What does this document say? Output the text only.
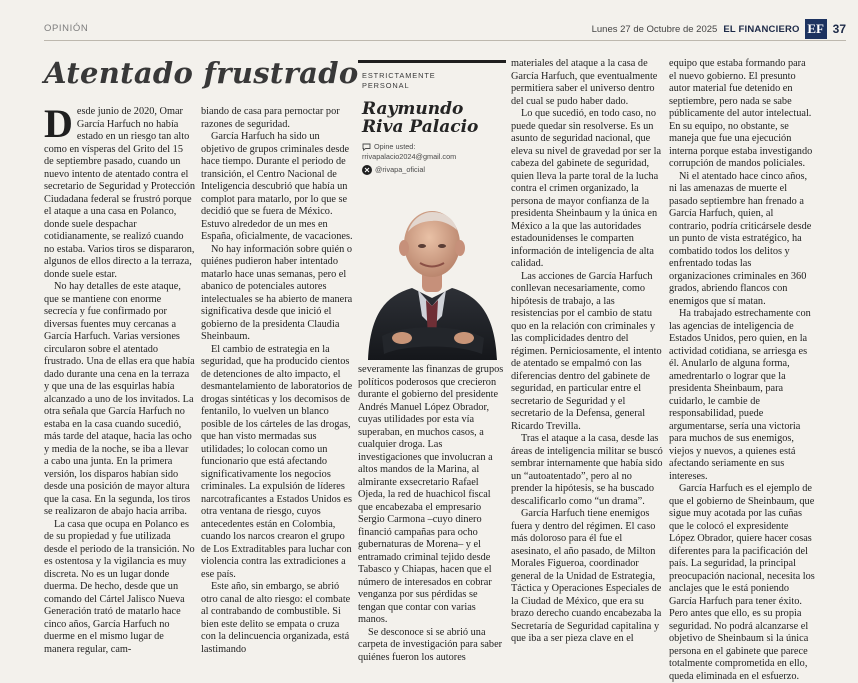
OPINIÓN	Lunes 27 de Octubre de 2025 EL FINANCIERO EF 37
Atentado frustrado

Desde junio de 2020, Omar García Harfuch no había estado en un riesgo tan alto como en vísperas del Grito del 15 de septiembre pasado, cuando un nuevo intento de atentado contra el secretario de Seguridad y Protección Ciudadana federal se frustró porque el ataque a una casa en Polanco, donde suele despachar cotidianamente, se realizó cuando no estaba. Varios tiros se dispararon, algunos de ellos directo a la terraza, donde suele estar.

No hay detalles de este ataque, que se mantiene con enorme secrecía y fue confirmado por diversas fuentes muy cercanas a García Harfuch. Varias versiones circularon sobre el atentado frustrado. Una de ellas era que había dado durante una cena en la terraza y que una de las esquirlas había alcanzado a uno de los invitados. La otra señala que García Harfuch no estaba en la casa cuando sucedió, más tarde del ataque, hacia las ocho y media de la noche, se iba a llevar a cabo una junta. En la primera versión, los disparos habían sido desde una posición de mayor altura que la casa. En la segunda, los tiros se realizaron de abajo hacia arriba.

La casa que ocupa en Polanco es de su propiedad y fue utilizada desde el periodo de la transición. No es ostentosa y la vigilancia es muy discreta. No es un lugar donde duerma. De hecho, desde que un comando del Cártel Jalisco Nueva Generación trató de matarlo hace cinco años, García Harfuch no duerme en el mismo lugar de manera regular, cam-

biando de casa para pernoctar por razones de seguridad.

García Harfuch ha sido un objetivo de grupos criminales desde hace tiempo. Durante el periodo de transición, el Centro Nacional de Inteligencia descubrió que había un complot para matarlo, por lo que se decidió que se fuera de México. Estuvo alrededor de un mes en España, oficialmente, de vacaciones.

No hay información sobre quién o quiénes pudieron haber intentado matarlo hace unas semanas, pero el abanico de potenciales autores intelectuales se ha abierto de manera significativa desde que inició el gobierno de la presidenta Claudia Sheinbaum.

El cambio de estrategia en la seguridad, que ha producido cientos de detenciones de alto impacto, el desmantelamiento de laboratorios de drogas sintéticas y los decomisos de fentanilo, lo vuelven un blanco posible de los cárteles de las drogas, que han visto mermadas sus utilidades; lo colocan como un funcionario que está afectando significativamente los negocios criminales. La expulsión de líderes narcotraficantes a Estados Unidos es otra ventana de riesgo, cuyos antecedentes están en Colombia, cuando los narcos crearon el grupo de Los Extraditables para luchar con violencia contra las extradiciones a ese país.

Este año, sin embargo, se abrió otro canal de alto riesgo: el combate al contrabando de combustible. Si bien este delito se empata o cruza con la delincuencia organizada, está lastimando

ESTRICTAMENTE
PERSONAL
Raymundo
Riva Palacio
Opine usted:
rrivapalacio2024@gmail.com
@rivapa_oficial

severamente las finanzas de grupos políticos poderosos que crecieron durante el gobierno del presidente Andrés Manuel López Obrador, cuyas utilidades por esta vía superaban, en muchos casos, a cualquier droga. Las investigaciones que involucran a altos mandos de la Marina, al almirante exsecretario Rafael Ojeda, la red de huachicol fiscal que encabezaba el empresario Sergio Carmona –cuyo dinero financió campañas para ocho gubernaturas de Morena– y el entramado criminal tejido desde Tabasco y Chiapas, hacen que el número de interesados en cobrar venganza por sus pérdidas se tengan que contar con varias manos.

Se desconoce si se abrió una carpeta de investigación para saber quiénes fueron los autores

materiales del ataque a la casa de García Harfuch, que eventualmente permitiera saber el universo dentro del cual se pudo haber dado.

Lo que sucedió, en todo caso, no puede quedar sin resolverse. Es un asunto de seguridad nacional, que eleva su nivel de gravedad por ser la cabeza del gabinete de seguridad, quien lleva la parte toral de la lucha contra el crimen organizado, la persona de mayor confianza de la presidenta Sheinbaum y la única en México a la que las autoridades estadounidenses le comparten información de inteligencia de alta calidad.

Las acciones de García Harfuch conllevan necesariamente, como hipótesis de trabajo, a las resistencias por el cambio de statu quo en la relación con criminales y las complicidades dentro del régimen. Perniciosamente, el intento de atentado se empalmó con las diferencias dentro del gabinete de seguridad, en particular entre el secretario de Seguridad y el secretario de la Defensa, general Ricardo Trevilla.

Tras el ataque a la casa, desde las áreas de inteligencia militar se buscó sembrar internamente que había sido un “autoatentado”, pero al no prender la hipótesis, se ha buscado descalificarlo como “un drama”.

García Harfuch tiene enemigos fuera y dentro del régimen. El caso más doloroso para él fue el asesinato, el año pasado, de Milton Morales Figueroa, coordinador general de la Unidad de Estrategia, Táctica y Operaciones Especiales de la Ciudad de México, que era su brazo derecho cuando encabezaba la Secretaría de Seguridad capitalina y que iba a ser pieza clave en el

equipo que estaba formando para el nuevo gobierno. El presunto autor material fue detenido en septiembre, pero nada se sabe públicamente del autor intelectual. En su equipo, no obstante, se maneja que fue una ejecución interna porque estaba investigando corrupción de mandos policiales.

Ni el atentado hace cinco años, ni las amenazas de muerte el pasado septiembre han frenado a García Harfuch, quien, al contrario, podría criticársele desde un punto de vista estratégico, ha combatido todos los delitos y enfrentado todas las organizaciones criminales en 360 grados, abriendo flancos con enemigos que sí matan.

Ha trabajado estrechamente con las agencias de inteligencia de Estados Unidos, pero quien, en la actividad cotidiana, se arriesga es él. Anularlo de alguna forma, amedrentarlo o lograr que la presidenta Sheinbaum, para cuidarlo, le cambie de responsabilidad, puede argumentarse, sería una victoria para muchos de sus enemigos, viejos y nuevos, a quienes está afectando seriamente en sus intereses.

García Harfuch es el ejemplo de que el gobierno de Sheinbaum, que sigue muy acotada por las cuñas que le colocó el expresidente López Obrador, quiere hacer cosas diferentes para la pacificación del país. La seguridad, la principal preocupación nacional, necesita los anclajes que le está poniendo García Harfuch para tener éxito. Pero antes que ello, es su propia seguridad. No podrá alcanzarse el objetivo de Sheinbaum si la única persona en el gabinete que parece totalmente comprometida en ello, queda eliminada en el esfuerzo.
